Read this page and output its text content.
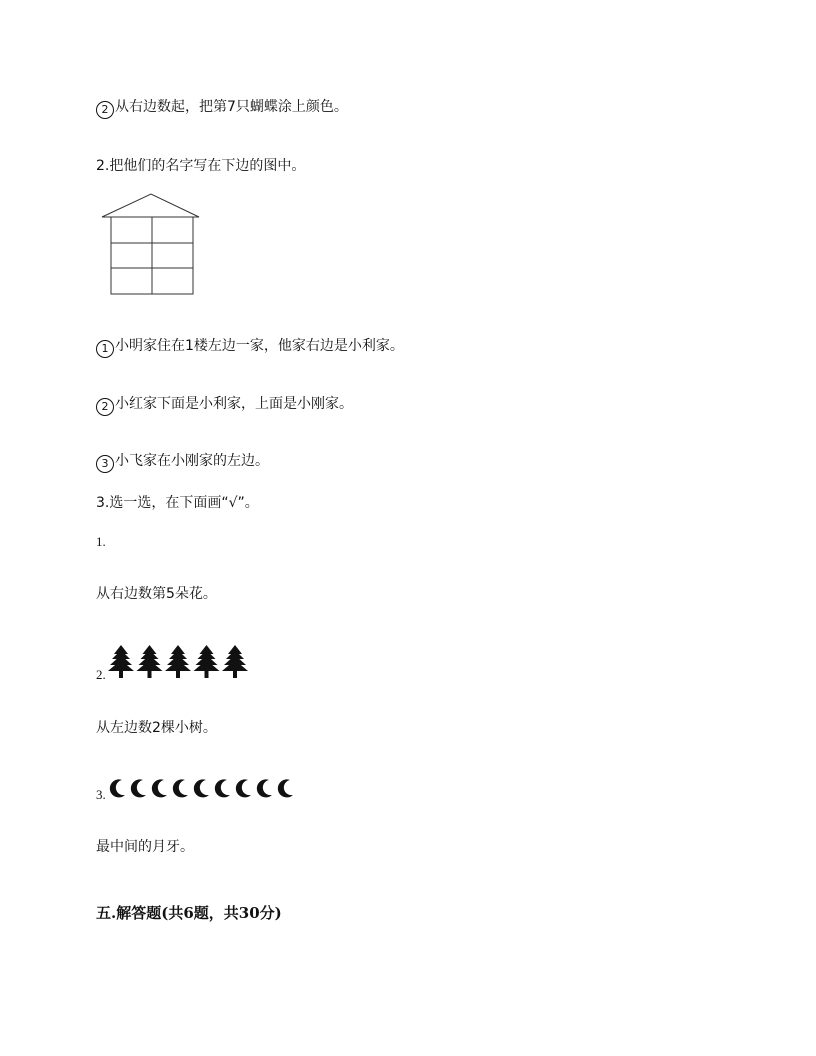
2 从右边数起，把第7只蝴蝶涂上颜色。
2.把他们的名字写在下边的图中。
1 小明家住在1楼左边一家，他家右边是小利家。
2 小红家下面是小利家，上面是小刚家。
3 小飞家在小刚家的左边。
3.选一选，在下面画“√”。
1.
从右边数第5朵花。
2.
从左边数2棵小树。
3.
最中间的月牙。
五.解答题(共6题，共30分)
